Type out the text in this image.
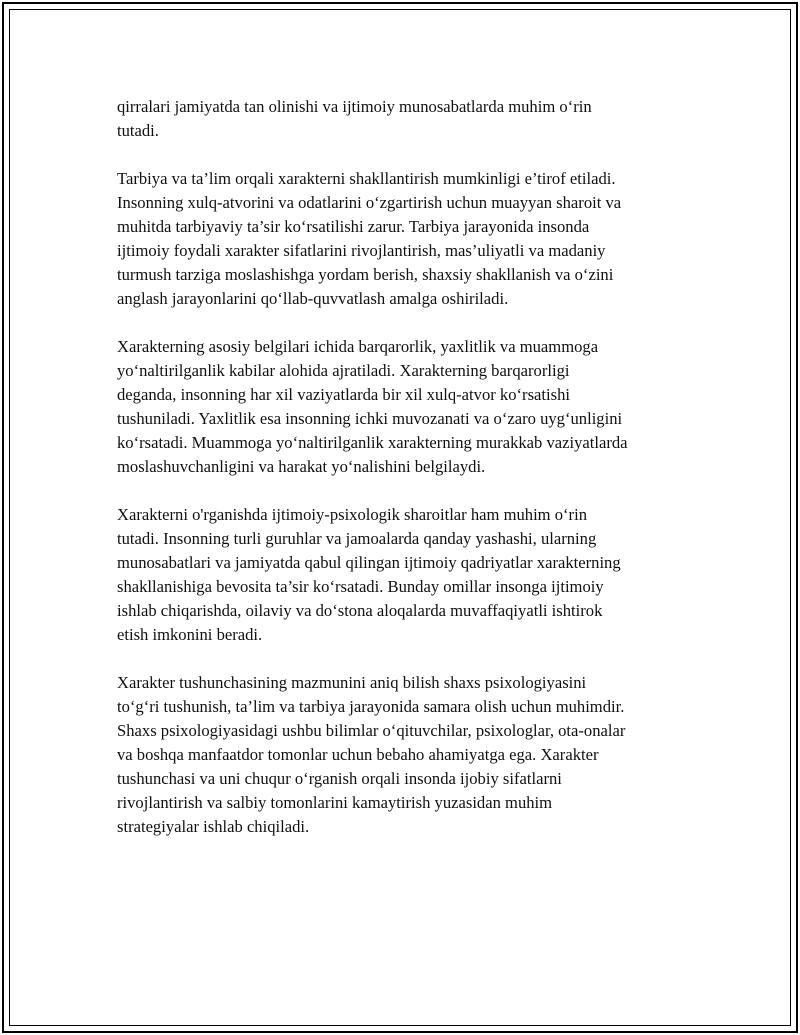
qirralari jamiyatda tan olinishi va ijtimoiy munosabatlarda muhim o‘rin
tutadi.

Tarbiya va ta’lim orqali xarakterni shakllantirish mumkinligi e’tirof etiladi.
Insonning xulq-atvorini va odatlarini o‘zgartirish uchun muayyan sharoit va
muhitda tarbiyaviy ta’sir ko‘rsatilishi zarur. Tarbiya jarayonida insonda
ijtimoiy foydali xarakter sifatlarini rivojlantirish, mas’uliyatli va madaniy
turmush tarziga moslashishga yordam berish, shaxsiy shakllanish va o‘zini
anglash jarayonlarini qo‘llab-quvvatlash amalga oshiriladi.

Xarakterning asosiy belgilari ichida barqarorlik, yaxlitlik va muammoga
yo‘naltirilganlik kabilar alohida ajratiladi. Xarakterning barqarorligi
deganda, insonning har xil vaziyatlarda bir xil xulq-atvor ko‘rsatishi
tushuniladi. Yaxlitlik esa insonning ichki muvozanati va o‘zaro uyg‘unligini
ko‘rsatadi. Muammoga yo‘naltirilganlik xarakterning murakkab vaziyatlarda
moslashuvchanligini va harakat yo‘nalishini belgilaydi.

Xarakterni o'rganishda ijtimoiy-psixologik sharoitlar ham muhim o‘rin
tutadi. Insonning turli guruhlar va jamoalarda qanday yashashi, ularning
munosabatlari va jamiyatda qabul qilingan ijtimoiy qadriyatlar xarakterning
shakllanishiga bevosita ta’sir ko‘rsatadi. Bunday omillar insonga ijtimoiy
ishlab chiqarishda, oilaviy va do‘stona aloqalarda muvaffaqiyatli ishtirok
etish imkonini beradi.

Xarakter tushunchasining mazmunini aniq bilish shaxs psixologiyasini
to‘g‘ri tushunish, ta’lim va tarbiya jarayonida samara olish uchun muhimdir.
Shaxs psixologiyasidagi ushbu bilimlar o‘qituvchilar, psixologlar, ota-onalar
va boshqa manfaatdor tomonlar uchun bebaho ahamiyatga ega. Xarakter
tushunchasi va uni chuqur o‘rganish orqali insonda ijobiy sifatlarni
rivojlantirish va salbiy tomonlarini kamaytirish yuzasidan muhim
strategiyalar ishlab chiqiladi.
